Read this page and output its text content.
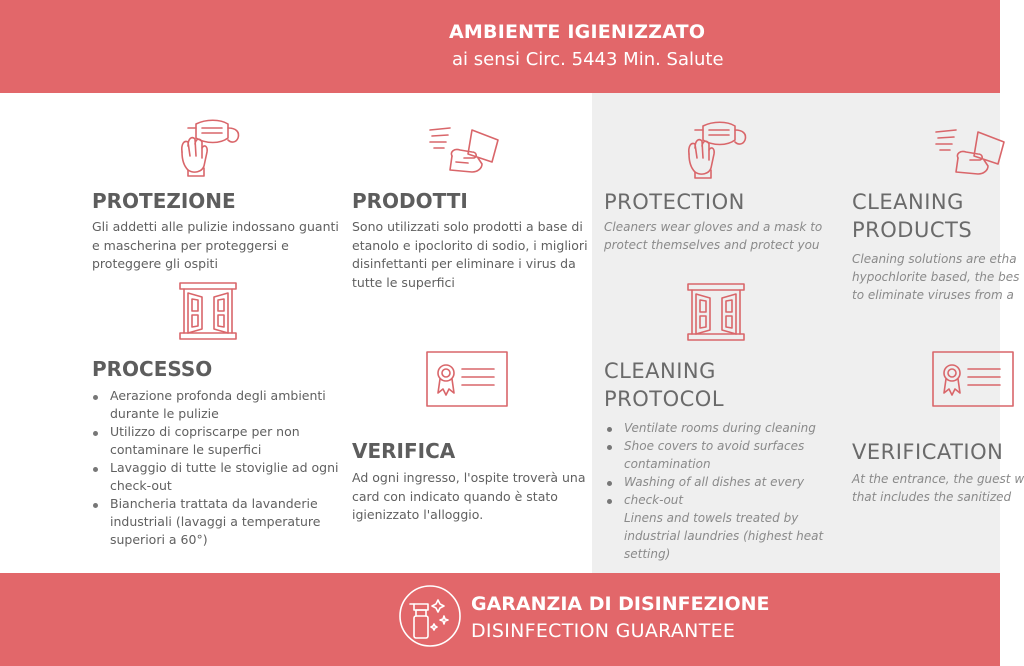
AMBIENTE IGIENIZZATO
ai sensi Circ. 5443 Min. Salute
PROTEZIONE
Gli addetti alle pulizie indossano guanti
e mascherina per proteggersi e
proteggere gli ospiti
PRODOTTI
Sono utilizzati solo prodotti a base di
etanolo e ipoclorito di sodio, i migliori
disinfettanti per eliminare i virus da
tutte le superfici
PROCESSO
Aerazione profonda degli ambienti
durante le pulizie
Utilizzo di copriscarpe per non
contaminare le superfici
Lavaggio di tutte le stoviglie ad ogni
check-out
Biancheria trattata da lavanderie
industriali (lavaggi a temperature
superiori a 60°)
VERIFICA
Ad ogni ingresso, l'ospite troverà una
card con indicato quando è stato
igienizzato l'alloggio.
PROTECTION
Cleaners wear gloves and a mask to
protect themselves and protect you
CLEANING
PRODUCTS
Cleaning solutions are etha
hypochlorite based, the bes
to eliminate viruses from a
CLEANING
PROTOCOL
Ventilate rooms during cleaning
Shoe covers to avoid surfaces
contamination
Washing of all dishes at every
check-out
Linens and towels treated by
industrial laundries (highest heat
setting)
VERIFICATION
At the entrance, the guest w
that includes the sanitized
GARANZIA DI DISINFEZIONE
DISINFECTION GUARANTEE
